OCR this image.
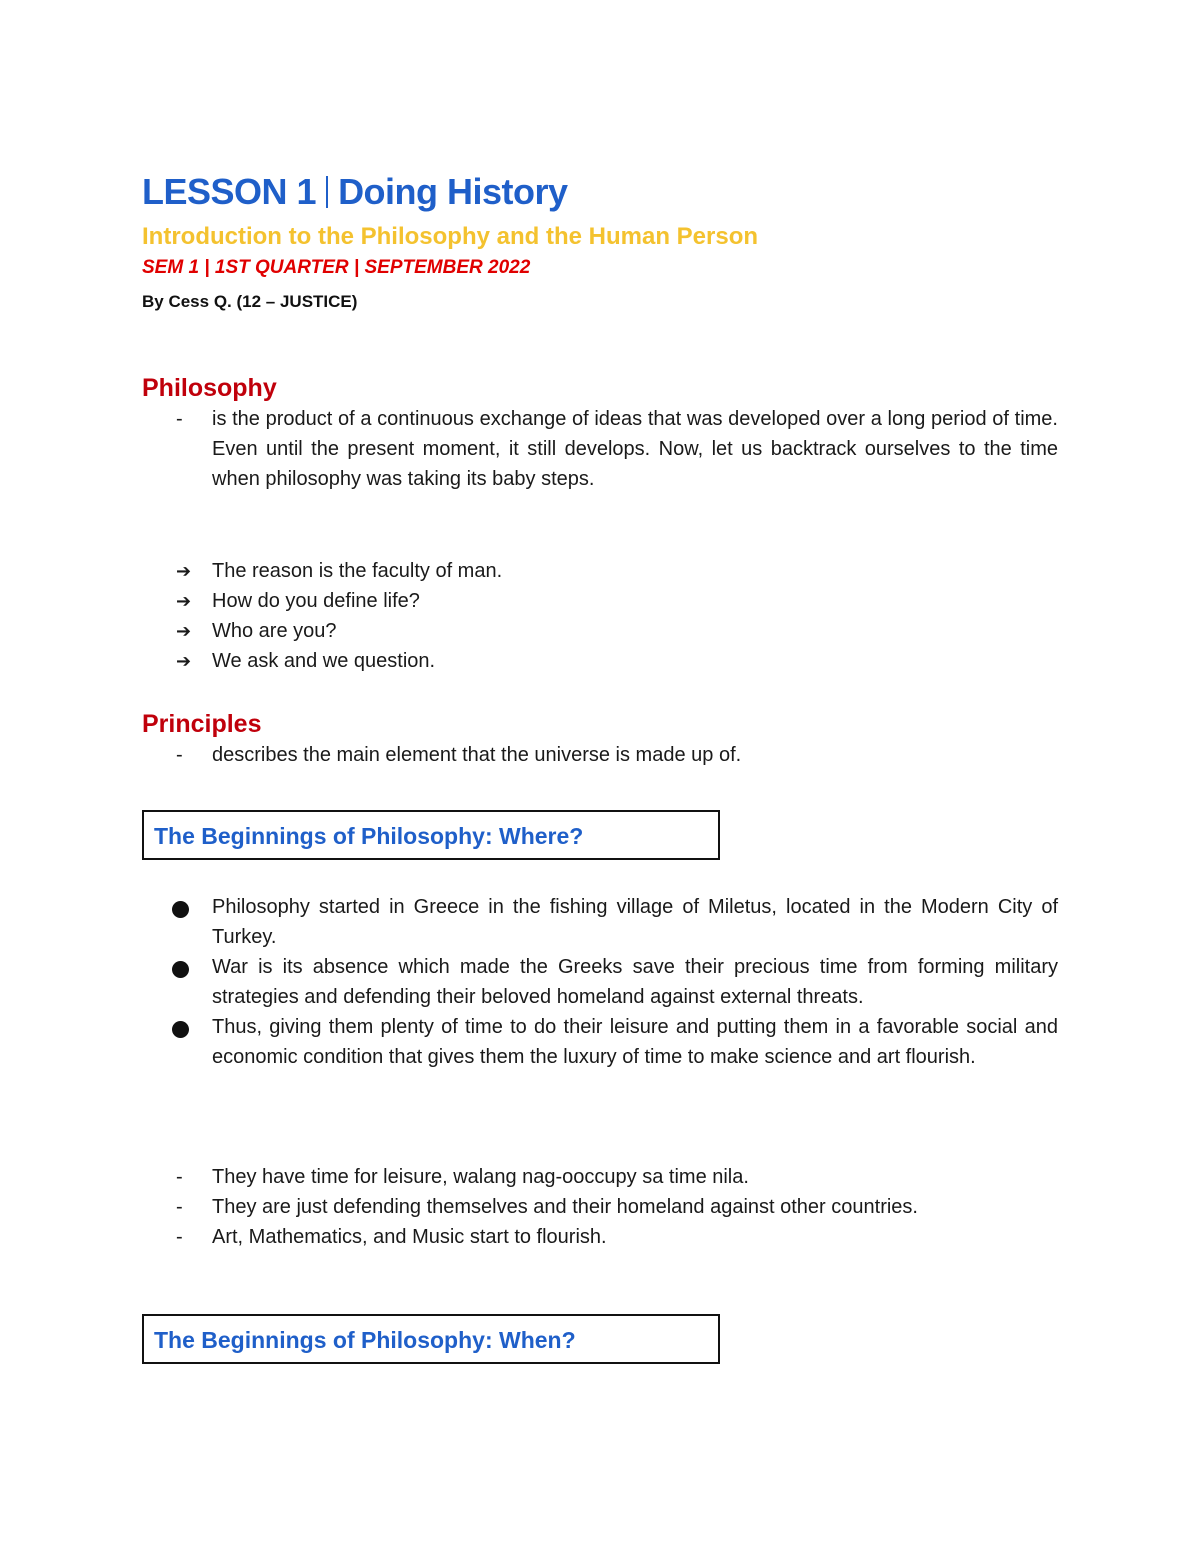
LESSON 1 Doing History

Introduction to the Philosophy and the Human Person

SEM 1 | 1ST QUARTER | SEPTEMBER 2022

By Cess Q. (12 – JUSTICE)

Philosophy
- is the product of a continuous exchange of ideas that was developed over a long period of time. Even until the present moment, it still develops. Now, let us backtrack ourselves to the time when philosophy was taking its baby steps.
➔ The reason is the faculty of man.
➔ How do you define life?
➔ Who are you?
➔ We ask and we question.
Principles
- describes the main element that the universe is made up of.
The Beginnings of Philosophy: Where?
Philosophy started in Greece in the fishing village of Miletus, located in the Modern City of Turkey.
War is its absence which made the Greeks save their precious time from forming military strategies and defending their beloved homeland against external threats.
Thus, giving them plenty of time to do their leisure and putting them in a favorable social and economic condition that gives them the luxury of time to make science and art flourish.
- They have time for leisure, walang nag-ooccupy sa time nila.
- They are just defending themselves and their homeland against other countries.
- Art, Mathematics, and Music start to flourish.
The Beginnings of Philosophy: When?
